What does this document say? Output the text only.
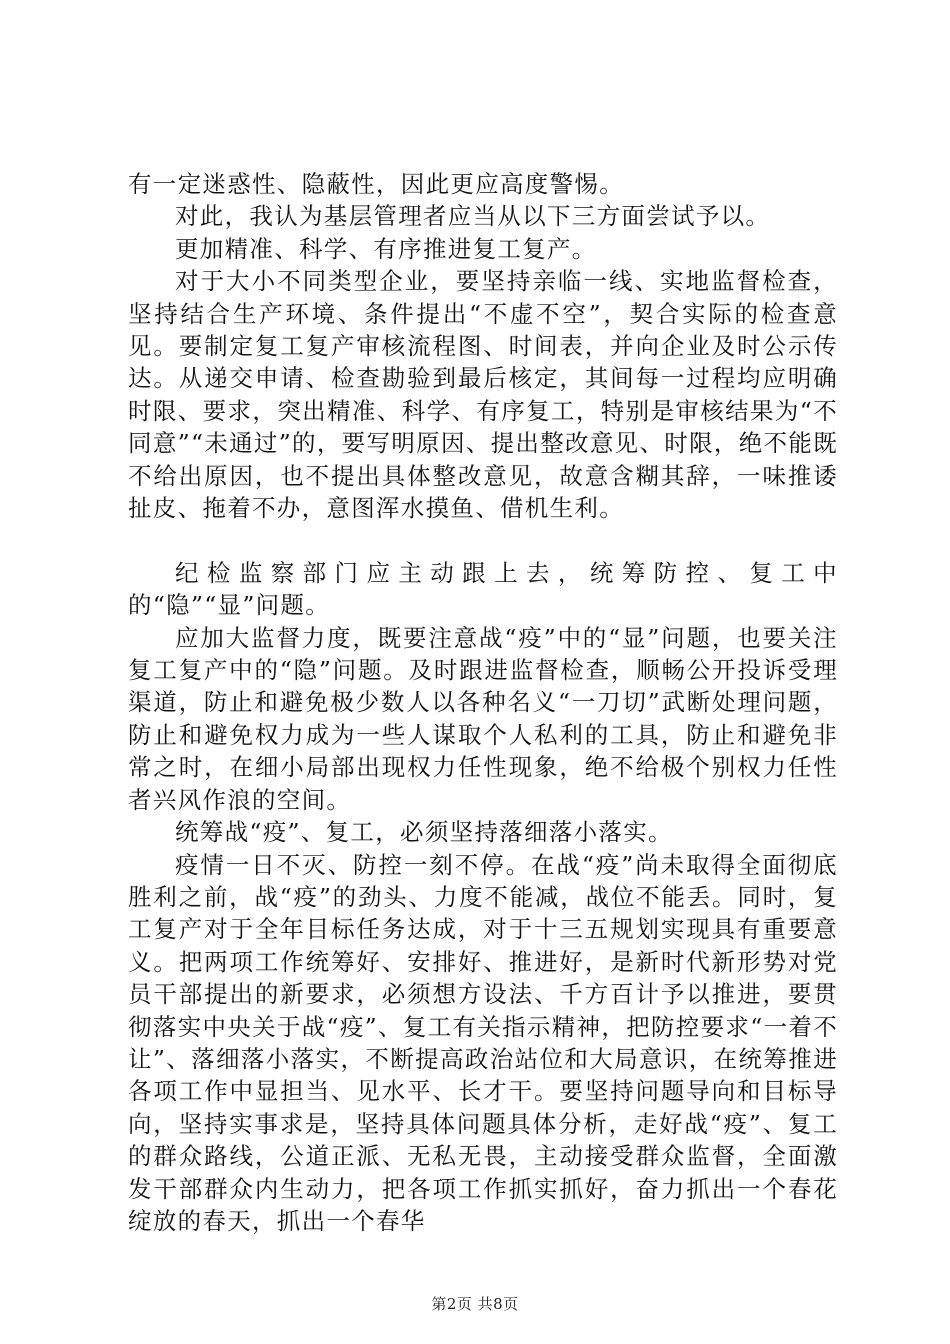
有一定迷惑性、隐蔽性，因此更应高度警惕。

对此，我认为基层管理者应当从以下三方面尝试予以。

更加精准、科学、有序推进复工复产。

对于大小不同类型企业，要坚持亲临一线、实地监督检查，坚持结合生产环境、条件提出“不虚不空”，契合实际的检查意见。要制定复工复产审核流程图、时间表，并向企业及时公示传达。从递交申请、检查勘验到最后核定，其间每一过程均应明确时限、要求，突出精准、科学、有序复工，特别是审核结果为“不同意”“未通过”的，要写明原因、提出整改意见、时限，绝不能既不给出原因，也不提出具体整改意见，故意含糊其辞，一味推诿扯皮、拖着不办，意图浑水摸鱼、借机生利。

纪检监察部门应主动跟上去，统筹防控、复工中的“隐”“显”问题。

应加大监督力度，既要注意战“疫”中的“显”问题，也要关注复工复产中的“隐”问题。及时跟进监督检查，顺畅公开投诉受理渠道，防止和避免极少数人以各种名义“一刀切”武断处理问题，防止和避免权力成为一些人谋取个人私利的工具，防止和避免非常之时，在细小局部出现权力任性现象，绝不给极个别权力任性者兴风作浪的空间。

统筹战“疫”、复工，必须坚持落细落小落实。

疫情一日不灭、防控一刻不停。在战“疫”尚未取得全面彻底胜利之前，战“疫”的劲头、力度不能减，战位不能丢。同时，复工复产对于全年目标任务达成，对于十三五规划实现具有重要意义。把两项工作统筹好、安排好、推进好，是新时代新形势对党员干部提出的新要求，必须想方设法、千方百计予以推进，要贯彻落实中央关于战“疫”、复工有关指示精神，把防控要求“一着不让”、落细落小落实，不断提高政治站位和大局意识，在统筹推进各项工作中显担当、见水平、长才干。要坚持问题导向和目标导向，坚持实事求是，坚持具体问题具体分析，走好战“疫”、复工的群众路线，公道正派、无私无畏，主动接受群众监督，全面激发干部群众内生动力，把各项工作抓实抓好，奋力抓出一个春花绽放的春天，抓出一个春华

第2页 共8页
